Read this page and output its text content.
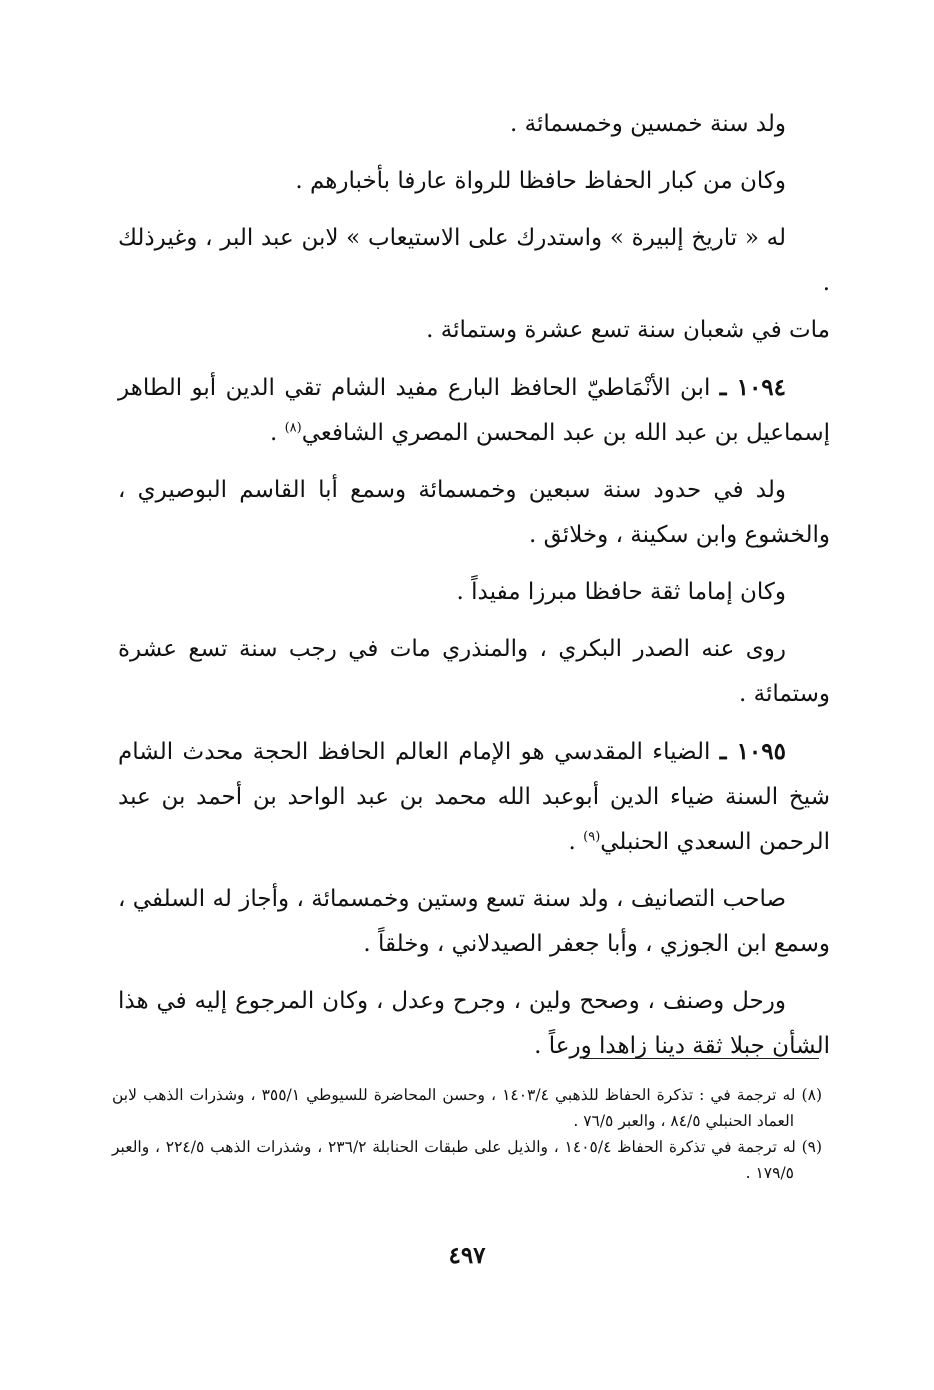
ولد سنة خمسين وخمسمائة .

وكان من كبار الحفاظ حافظا للرواة عارفا بأخبارهم .

له « تاريخ إلبيرة » واستدرك على الاستيعاب » لابن عبد البر ، وغيرذلك .

مات في شعبان سنة تسع عشرة وستمائة .

١٠٩٤ ـ ابن الأنْمَاطيّ الحافظ البارع مفيد الشام تقي الدين أبو الطاهر إسماعيل بن عبد الله بن عبد المحسن المصري الشافعي$^{(٨)}$ .

ولد في حدود سنة سبعين وخمسمائة وسمع أبا القاسم البوصيري ، والخشوع وابن سكينة ، وخلائق .

وكان إماما ثقة حافظا مبرزا مفيداً .

روى عنه الصدر البكري ، والمنذري مات في رجب سنة تسع عشرة وستمائة .

١٠٩٥ ـ الضياء المقدسي هو الإمام العالم الحافظ الحجة محدث الشام شيخ السنة ضياء الدين أبوعبد الله محمد بن عبد الواحد بن أحمد بن عبد الرحمن السعدي الحنبلي$^{(٩)}$ .

صاحب التصانيف ، ولد سنة تسع وستين وخمسمائة ، وأجاز له السلفي ، وسمع ابن الجوزي ، وأبا جعفر الصيدلاني ، وخلقاً .

ورحل وصنف ، وصحح ولين ، وجرح وعدل ، وكان المرجوع إليه في هذا الشأن جبلا ثقة دينا زاهدا ورعاً .

(٨) له ترجمة في : تذكرة الحفاظ للذهبي ١٤٠٣/٤ ، وحسن المحاضرة للسيوطي ٣٥٥/١ ، وشذرات الذهب لابن العماد الحنبلي ٨٤/٥ ، والعبر ٧٦/٥ .

(٩) له ترجمة في تذكرة الحفاظ ١٤٠٥/٤ ، والذيل على طبقات الحنابلة ٢٣٦/٢ ، وشذرات الذهب ٢٢٤/٥ ، والعبر ١٧٩/٥ .

٤٩٧
